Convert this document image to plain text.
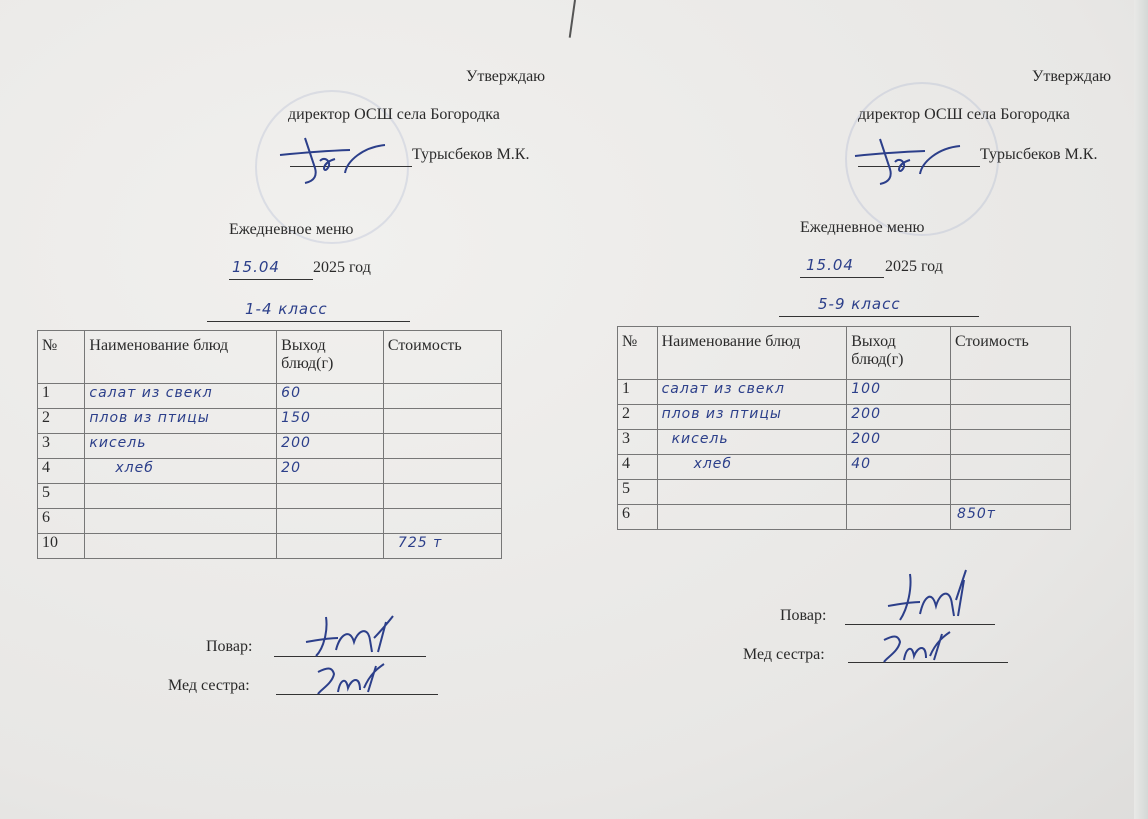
Утверждаю
директор ОСШ села Богородка
Турысбеков М.К.
Ежедневное меню
15.04 2025 год
1-4 класс
№	Наименование блюд	Выход блюд(г)	Стоимость
1	салат из свекл	60	
2	плов из птицы	150	
3	кисель	200	
4	хлеб	20	
5			
6			
10			725 т
Повар:
Мед сестра:
Утверждаю
директор ОСШ села Богородка
Турысбеков М.К.
Ежедневное меню
15.04 2025 год
5-9 класс
№	Наименование блюд	Выход блюд(г)	Стоимость
1	салат из свекл	100	
2	плов из птицы	200	
3	кисель	200	
4	хлеб	40	
5			
6			850т
Повар:
Мед сестра:
